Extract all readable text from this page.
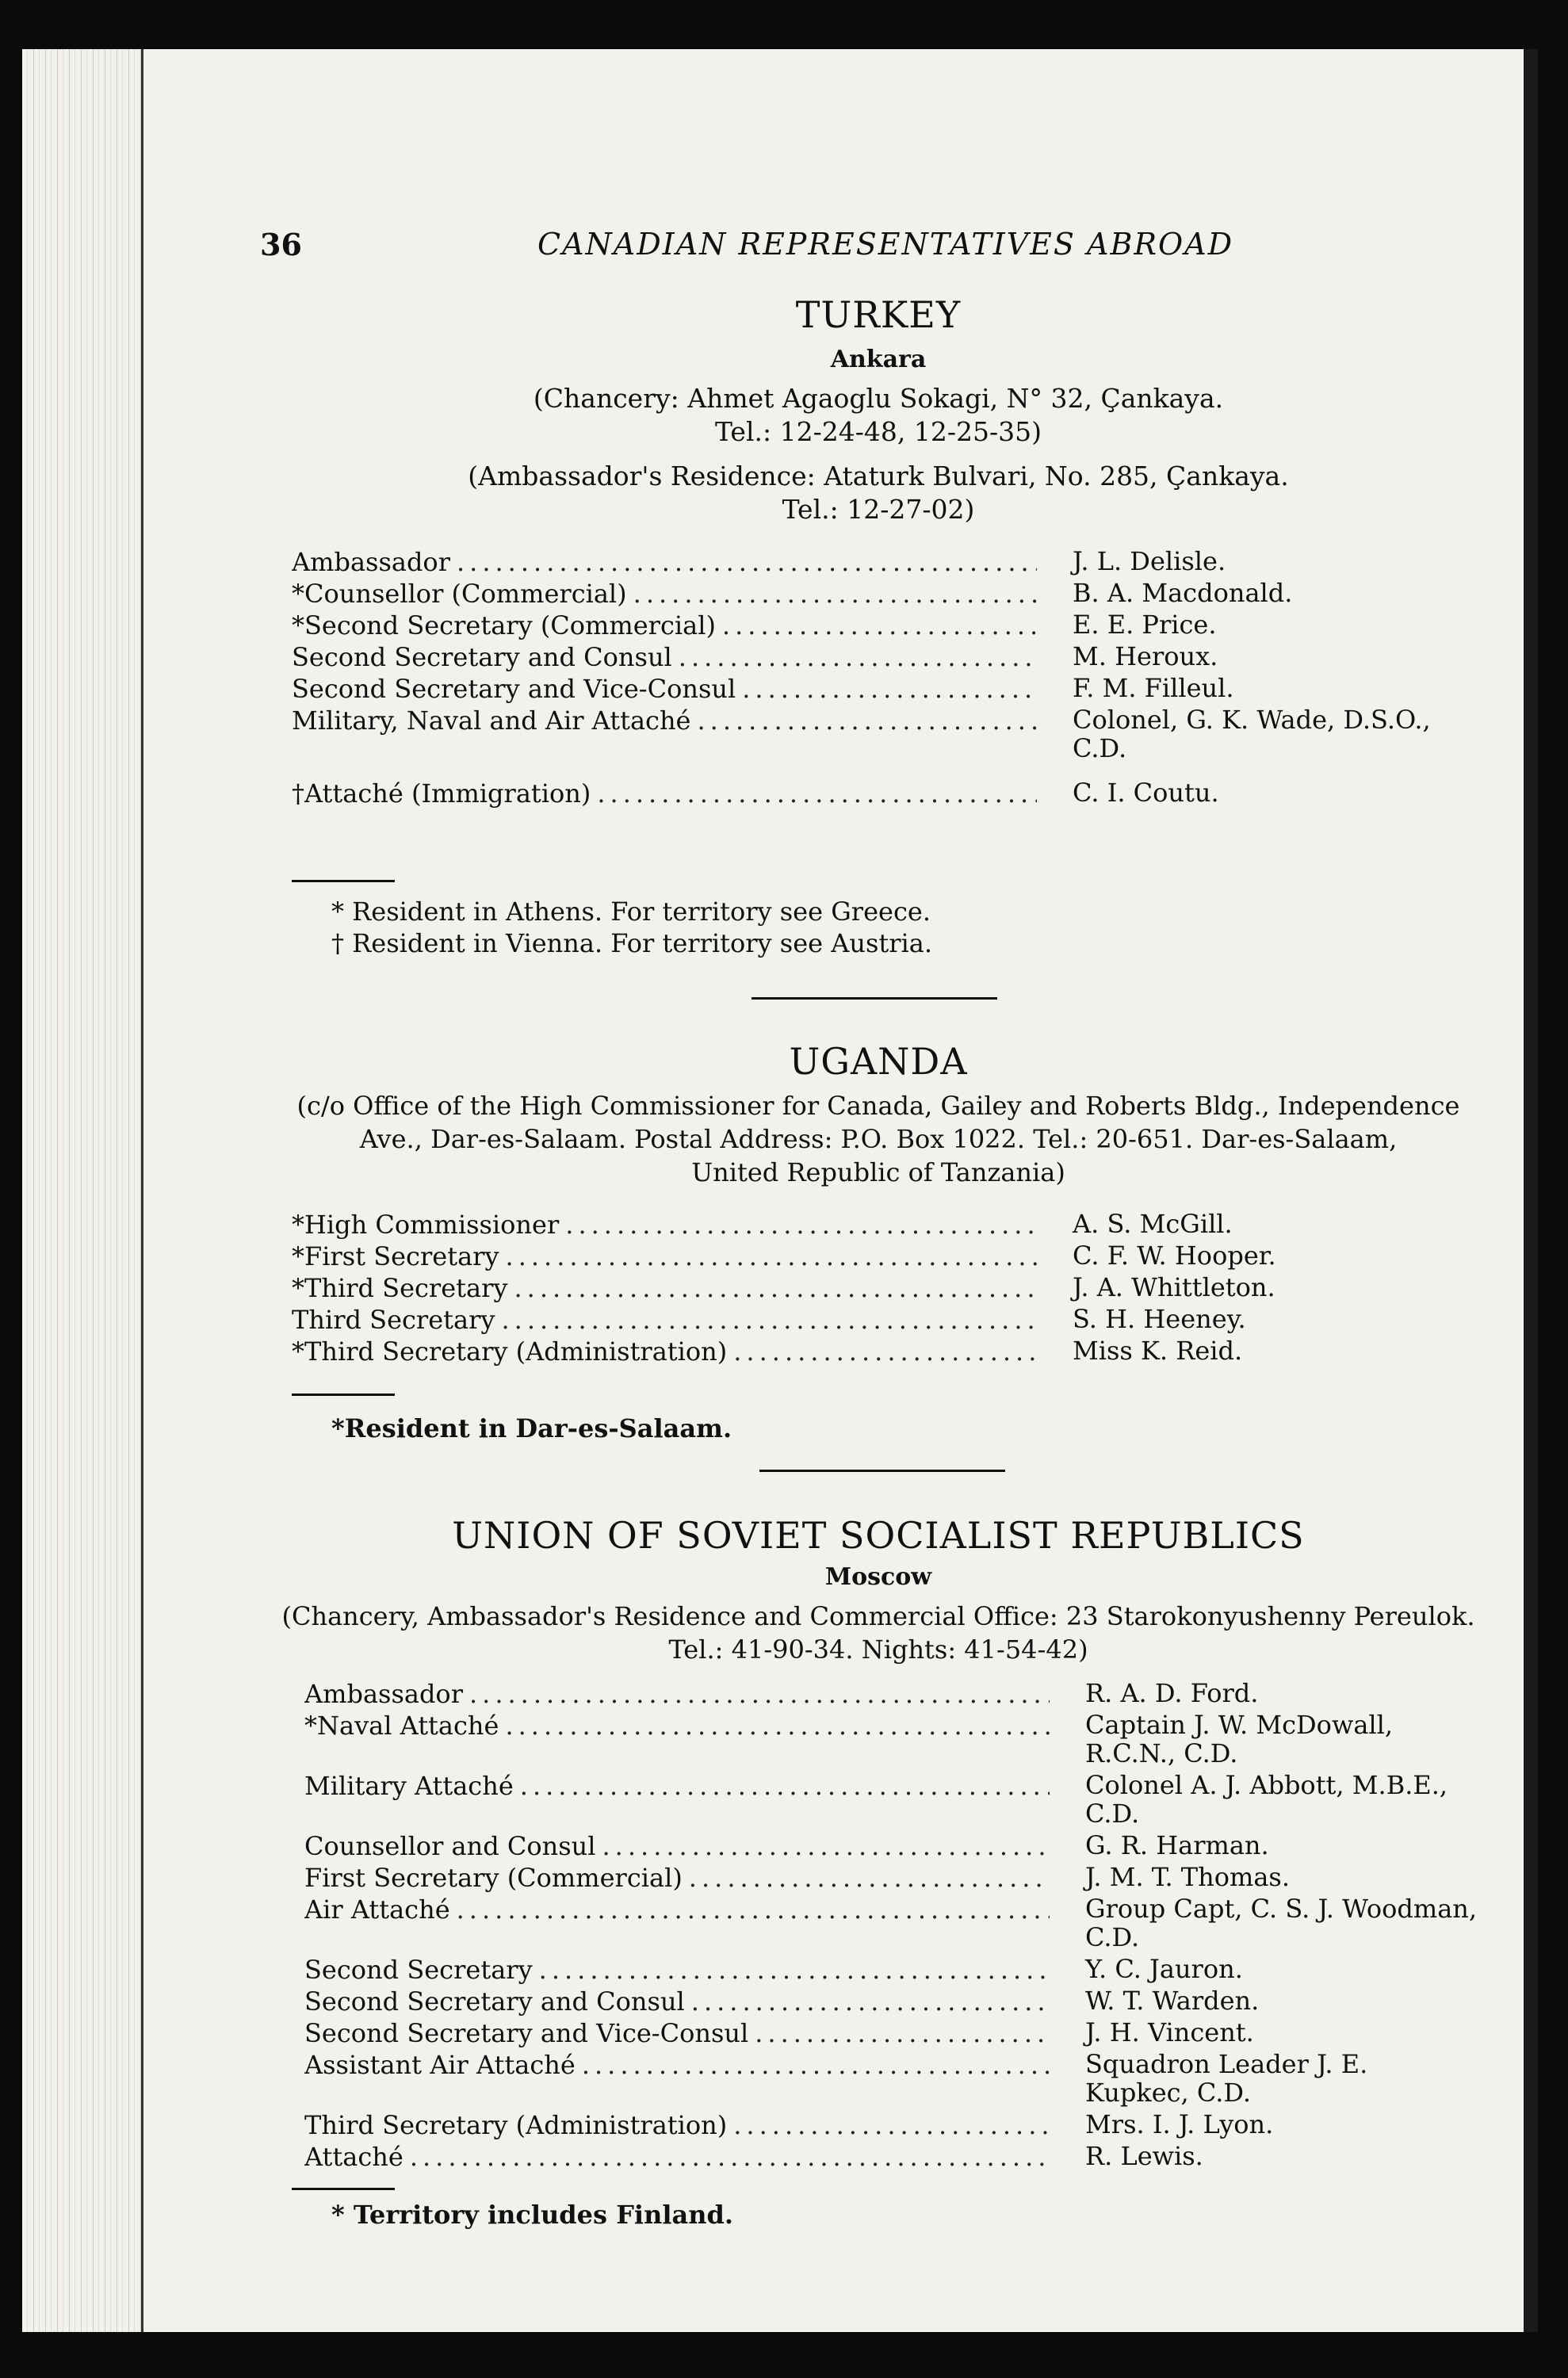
36	CANADIAN REPRESENTATIVES ABROAD
TURKEY
Ankara
(Chancery: Ahmet Agaoglu Sokagi, N° 32, Çankaya.
Tel.: 12-24-48, 12-25-35)
(Ambassador's Residence: Ataturk Bulvari, No. 285, Çankaya.
Tel.: 12-27-02)
Ambassador .....	J. L. Delisle.
*Counsellor (Commercial) .....	B. A. Macdonald.
*Second Secretary (Commercial) .....	E. E. Price.
Second Secretary and Consul .....	M. Heroux.
Second Secretary and Vice-Consul .....	F. M. Filleul.
Military, Naval and Air Attaché .....	Colonel, G. K. Wade, D.S.O., C.D.
†Attaché (Immigration) .....	C. I. Coutu.
* Resident in Athens. For territory see Greece.
† Resident in Vienna. For territory see Austria.
UGANDA
(c/o Office of the High Commissioner for Canada, Gailey and Roberts Bldg., Independence
Ave., Dar-es-Salaam. Postal Address: P.O. Box 1022. Tel.: 20-651. Dar-es-Salaam,
United Republic of Tanzania)
*High Commissioner .....	A. S. McGill.
*First Secretary .....	C. F. W. Hooper.
*Third Secretary .....	J. A. Whittleton.
Third Secretary .....	S. H. Heeney.
*Third Secretary (Administration) .....	Miss K. Reid.
*Resident in Dar-es-Salaam.
UNION OF SOVIET SOCIALIST REPUBLICS
Moscow
(Chancery, Ambassador's Residence and Commercial Office: 23 Starokonyushenny Pereulok.
Tel.: 41-90-34. Nights: 41-54-42)
Ambassador .....	R. A. D. Ford.
*Naval Attaché .....	Captain J. W. McDowall, R.C.N., C.D.
Military Attaché .....	Colonel A. J. Abbott, M.B.E., C.D.
Counsellor and Consul .....	G. R. Harman.
First Secretary (Commercial) .....	J. M. T. Thomas.
Air Attaché .....	Group Capt, C. S. J. Woodman, C.D.
Second Secretary .....	Y. C. Jauron.
Second Secretary and Consul .....	W. T. Warden.
Second Secretary and Vice-Consul .....	J. H. Vincent.
Assistant Air Attaché .....	Squadron Leader J. E. Kupkec, C.D.
Third Secretary (Administration) .....	Mrs. I. J. Lyon.
Attaché .....	R. Lewis.
* Territory includes Finland.
